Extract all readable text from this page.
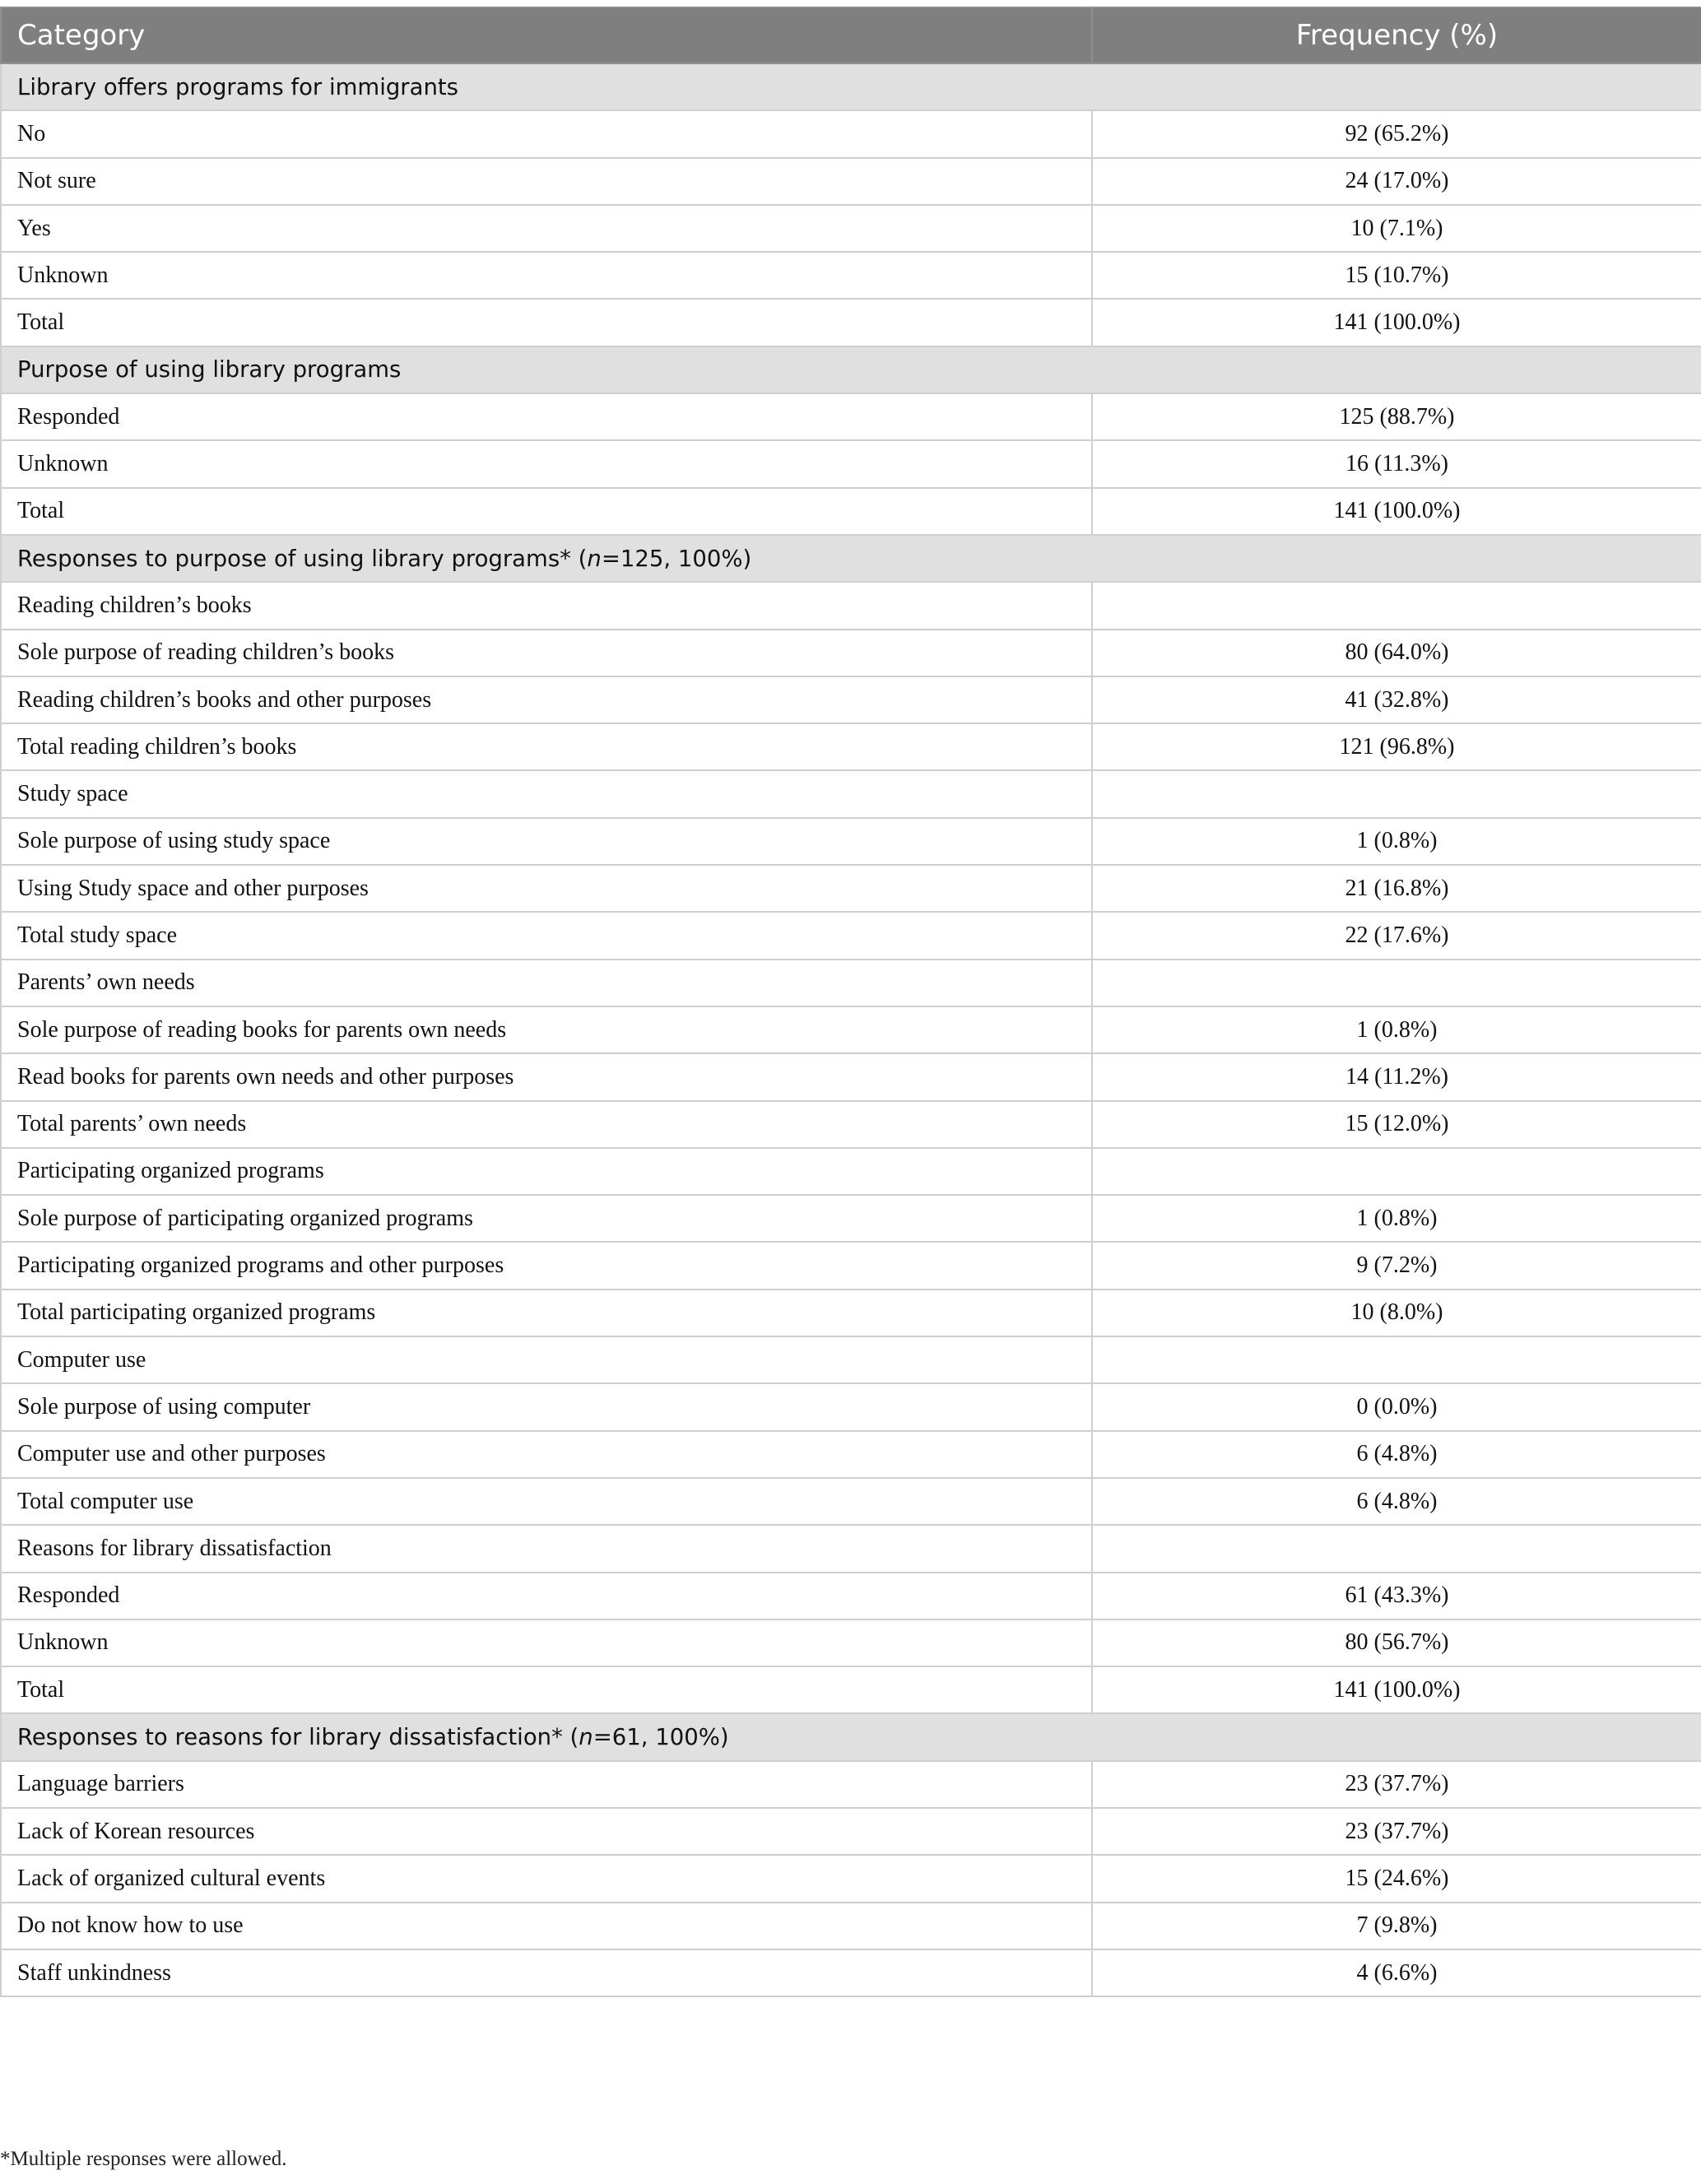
Category	Frequency (%)
Library offers programs for immigrants	
No	92 (65.2%)
Not sure	24 (17.0%)
Yes	10 (7.1%)
Unknown	15 (10.7%)
Total	141 (100.0%)
Purpose of using library programs	
Responded	125 (88.7%)
Unknown	16 (11.3%)
Total	141 (100.0%)
Responses to purpose of using library programs* (n=125, 100%)	
Reading children’s books	
Sole purpose of reading children’s books	80 (64.0%)
Reading children’s books and other purposes	41 (32.8%)
Total reading children’s books	121 (96.8%)
Study space	
Sole purpose of using study space	1 (0.8%)
Using Study space and other purposes	21 (16.8%)
Total study space	22 (17.6%)
Parents’ own needs	
Sole purpose of reading books for parents own needs	1 (0.8%)
Read books for parents own needs and other purposes	14 (11.2%)
Total parents’ own needs	15 (12.0%)
Participating organized programs	
Sole purpose of participating organized programs	1 (0.8%)
Participating organized programs and other purposes	9 (7.2%)
Total participating organized programs	10 (8.0%)
Computer use	
Sole purpose of using computer	0 (0.0%)
Computer use and other purposes	6 (4.8%)
Total computer use	6 (4.8%)
Reasons for library dissatisfaction	
Responded	61 (43.3%)
Unknown	80 (56.7%)
Total	141 (100.0%)
Responses to reasons for library dissatisfaction* (n=61, 100%)	
Language barriers	23 (37.7%)
Lack of Korean resources	23 (37.7%)
Lack of organized cultural events	15 (24.6%)
Do not know how to use	7 (9.8%)
Staff unkindness	4 (6.6%)
*Multiple responses were allowed.
